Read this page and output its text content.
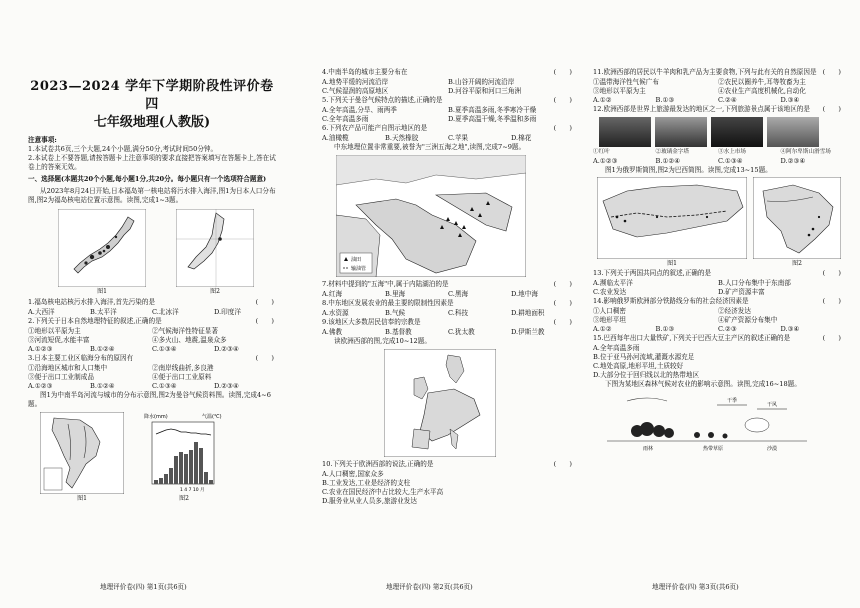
2023—2024 学年下学期阶段性评价卷四
七年级地理(人教版)
注意事项:

1.本试卷共6页,三个大题,24个小题,满分50分,考试时间50分钟。

2.本试卷上不要答题,请按答题卡上注意事项的要求直接把答案填写在答题卡上,答在试卷上的答案无效。

一、选择题(本题共20个小题,每小题1分,共20分。每小题只有一个选项符合题意)

从2023年8月24日开始,日本福岛第一核电站将污水排入海洋,图1为日本人口分布图,图2为福岛核电站位置示意图。读图,完成1~3题。

图1	图2
1.福岛核电站核污水排入海洋,首先污染的是	(　　)
A.大西洋	B.太平洋	C.北冰洋	D.印度洋
2.下列关于日本自然地理特征的叙述,正确的是	(　　)
①地形以平原为主	②气候海洋性特征显著
③河流短促,水能丰富	④多火山、地震,温泉众多
A.①②③	B.①②④	C.①③④	D.②③④
3.日本主要工业区临海分布的原因有	(　　)
①沿海地区城市和人口集中	②南岸线曲折,多良港
③便于出口工业制成品	④便于出口工业原料
A.①②③	B.①②④	C.①③④	D.②③④

图1为中南半岛河流与城市的分布示意图,图2为曼谷气候资料图。读图,完成4~6题。

图1
降水(mm)	气温(℃)
1 4 7 10 月
图2
地理评价卷(四) 第1页(共6页)
4.中南半岛的城市主要分布在	(　　)
A.地势平缓的河流沿岸	B.山谷开阔的河流沿岸
C.气候湿润的高原地区	D.河谷平原和河口三角洲
5.下列关于曼谷气候特点的描述,正确的是	(　　)
A.全年高温,分旱、雨两季	B.夏季高温多雨,冬季寒冷干燥
C.全年高温多雨	D.夏季高温干燥,冬季温和多雨
6.下列农产品可能产自图示地区的是	(　　)
A.油橄榄	B.天然橡胶	C.苹果	D.棉花

中东地理位置非常重要,被誉为"三洲五海之地",读图,完成7~9题。

油田
输油管
7.材料中提到的"五海"中,属于内陆湖泊的是	(　　)
A.红海	B.里海	C.黑海	D.地中海
8.中东地区发展农业的最主要的限制性因素是	(　　)
A.水资源	B.气候	C.科技	D.耕地面积
9.该地区大多数居民信奉的宗教是	(　　)
A.佛教	B.基督教	C.犹太教	D.伊斯兰教

读欧洲西部的图,完成10~12题。

10.下列关于欧洲西部的说法,正确的是	(　　)
A.人口稠密,国家众多
B.工业发达,工业是经济的支柱
C.农业在国民经济中占比较大,生产水平高
D.服务业从业人员多,旅游业发达
地理评价卷(四) 第2页(共6页)
11.欧洲西部的居民以牛羊肉和乳产品为主要食物,下列与此有关的自然原因是 (　　)
①温带海洋性气候广布	②农民以圈养牛,耳等牧畜为主
③地形以平原为主	④农业生产高度机械化,自动化
A.①②	B.①③	C.②④	D.③④
12.欧洲西部是世界上旅游最发达的地区之一,下列旅游景点属于该地区的是 (　　)
①红叶	②玻璃金字塔	③水上市场	④阿尔卑斯山滑雪场
A.①②③	B.①②④	C.①③④	D.②③④

图1为俄罗斯简图,图2为巴西简图。读图,完成13~15题。

图1	图2
13.下列关于两国共同点的叙述,正确的是	(　　)
A.濒临太平洋	B.人口分布集中于东南部
C.农业发达	D.矿产资源丰富
14.影响俄罗斯欧洲部分铁路线分布的社会经济因素是	(　　)
①人口稠密	②经济发达
③地形平坦	④矿产资源分布集中
A.①②	B.①③	C.②③	D.③④
15.巴西每年出口大量铁矿,下列关于巴西大豆主产区的叙述正确的是	(　　)
A.全年高温多雨
B.位于亚马孙河流域,灌溉水源充足
C.地处高原,地形平坦,土质较好
D.大部分位于回归线以北的热带地区

下图为某地区森林气候对农业的影响示意图。读图,完成16~18题。

干季
干风
雨林	热带草原	沙漠
地理评价卷(四) 第3页(共6页)
